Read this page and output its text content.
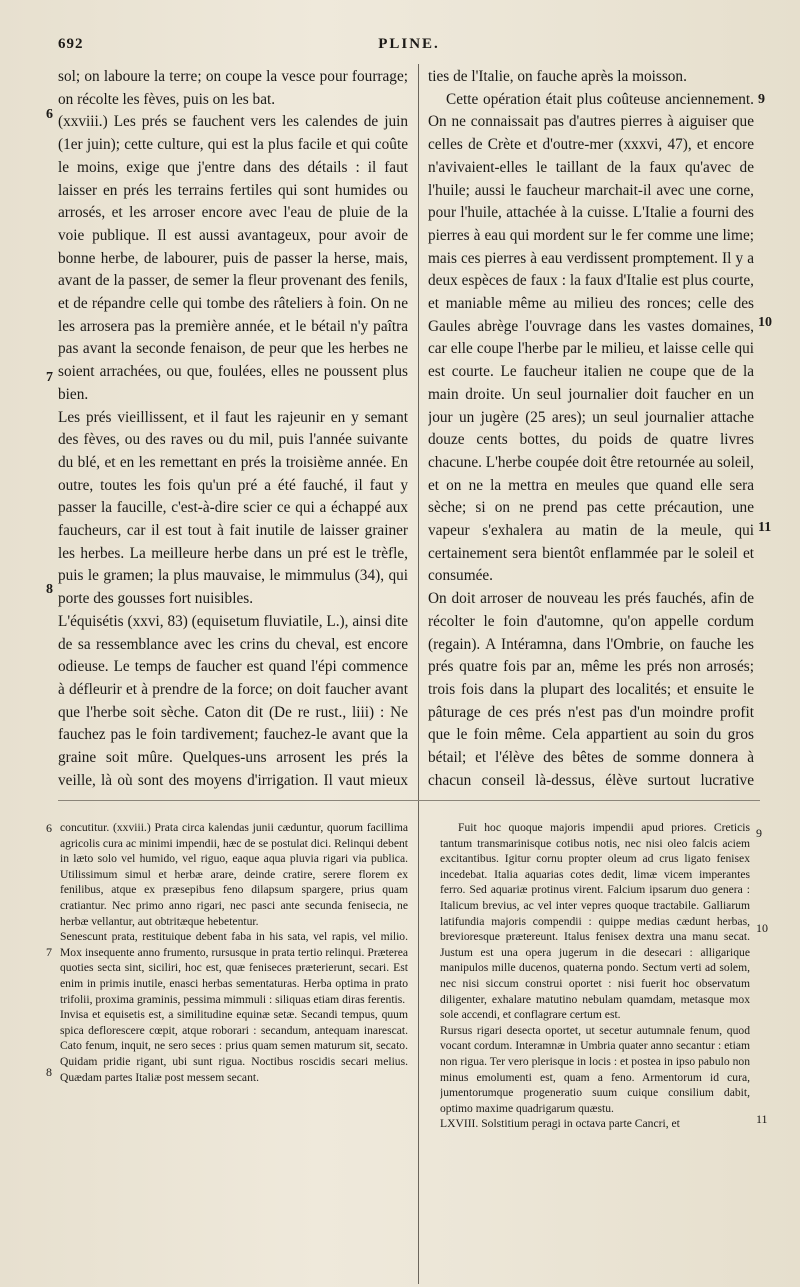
692	PLINE.

sol; on laboure la terre; on coupe la vesce pour fourrage; on récolte les fèves, puis on les bat.

(xxviii.) Les prés se fauchent vers les calendes de juin (1er juin); cette culture, qui est la plus facile et qui coûte le moins, exige que j'entre dans des détails : il faut laisser en prés les terrains fertiles qui sont humides ou arrosés, et les arroser encore avec l'eau de pluie de la voie publique. Il est aussi avantageux, pour avoir de bonne herbe, de labourer, puis de passer la herse, mais, avant de la passer, de semer la fleur provenant des fenils, et de répandre celle qui tombe des râteliers à foin. On ne les arrosera pas la première année, et le bétail n'y paîtra pas avant la seconde fenaison, de peur que les herbes ne soient arrachées, ou que, foulées, elles ne poussent plus bien.

Les prés vieillissent, et il faut les rajeunir en y semant des fèves, ou des raves ou du mil, puis l'année suivante du blé, et en les remettant en prés la troisième année. En outre, toutes les fois qu'un pré a été fauché, il faut y passer la faucille, c'est-à-dire scier ce qui a échappé aux faucheurs, car il est tout à fait inutile de laisser grainer les herbes. La meilleure herbe dans un pré est le trèfle, puis le gramen; la plus mauvaise, le mimmulus (34), qui porte des gousses fort nuisibles.

L'équisétis (xxvi, 83) (equisetum fluviatile, L.), ainsi dite de sa ressemblance avec les crins du cheval, est encore odieuse. Le temps de faucher est quand l'épi commence à défleurir et à prendre de la force; on doit faucher avant que l'herbe soit sèche. Caton dit (De re rust., liii) : Ne fauchez pas le foin tardivement; fauchez-le avant que la graine soit mûre. Quelques-uns arrosent les prés la veille, là où sont des moyens d'irrigation. Il vaut mieux

ties de l'Italie, on fauche après la moisson.

Cette opération était plus coûteuse anciennement. On ne connaissait pas d'autres pierres à aiguiser que celles de Crète et d'outre-mer (xxxvi, 47), et encore n'avivaient-elles le taillant de la faux qu'avec de l'huile; aussi le faucheur marchait-il avec une corne, pour l'huile, attachée à la cuisse. L'Italie a fourni des pierres à eau qui mordent sur le fer comme une lime; mais ces pierres à eau verdissent promptement. Il y a deux espèces de faux : la faux d'Italie est plus courte, et maniable même au milieu des ronces; celle des Gaules abrège l'ouvrage dans les vastes domaines, car elle coupe l'herbe par le milieu, et laisse celle qui est courte. Le faucheur italien ne coupe que de la main droite. Un seul journalier doit faucher en un jour un jugère (25 ares); un seul journalier attache douze cents bottes, du poids de quatre livres chacune. L'herbe coupée doit être retournée au soleil, et on ne la mettra en meules que quand elle sera sèche; si on ne prend pas cette précaution, une vapeur s'exhalera au matin de la meule, qui certainement sera bientôt enflammée par le soleil et consumée.

On doit arroser de nouveau les prés fauchés, afin de récolter le foin d'automne, qu'on appelle cordum (regain). A Intéramna, dans l'Ombrie, on fauche les prés quatre fois par an, même les prés non arrosés; trois fois dans la plupart des localités; et ensuite le pâturage de ces prés n'est pas d'un moindre profit que le foin même. Cela appartient au soin du gros bétail; et l'élève des bêtes de somme donnera à chacun conseil là-dessus, élève surtout lucrative

6
7
8
9
10
11

concutitur. (xxviii.) Prata circa kalendas junii cæduntur, quorum facillima agricolis cura ac minimi impendii, hæc de se postulat dici. Relinqui debent in læto solo vel humido, vel riguo, eaque aqua pluvia rigari via publica. Utilissimum simul et herbæ arare, deinde cratire, serere florem ex fenilibus, atque ex præsepibus feno dilapsum spargere, prius quam cratiantur. Nec primo anno rigari, nec pasci ante secunda fenisecia, ne herbæ vellantur, aut obtritæque hebetentur.

Senescunt prata, restituique debent faba in his sata, vel rapis, vel milio. Mox insequente anno frumento, rursusque in prata tertio relinqui. Præterea quoties secta sint, siciliri, hoc est, quæ feniseces præterierunt, secari. Est enim in primis inutile, enasci herbas sementaturas. Herba optima in prato trifolii, proxima graminis, pessima mimmuli : siliquas etiam diras ferentis.

Invisa et equisetis est, a similitudine equinæ setæ. Secandi tempus, quum spica deflorescere cœpit, atque roborari : secandum, antequam inarescat. Cato fenum, inquit, ne sero seces : prius quam semen maturum sit, secato. Quidam pridie rigant, ubi sunt rigua. Noctibus roscidis secari melius. Quædam partes Italiæ post messem secant.

Fuit hoc quoque majoris impendii apud priores. Creticis tantum transmarinisque cotibus notis, nec nisi oleo falcis aciem excitantibus. Igitur cornu propter oleum ad crus ligato fenisex incedebat. Italia aquarias cotes dedit, limæ vicem imperantes ferro. Sed aquariæ protinus virent. Falcium ipsarum duo genera : Italicum brevius, ac vel inter vepres quoque tractabile. Galliarum latifundia majoris compendii : quippe medias cædunt herbas, brevioresque prætereunt. Italus fenisex dextra una manu secat. Justum est una opera jugerum in die desecari : alligarique manipulos mille ducenos, quaterna pondo. Sectum verti ad solem, nec nisi siccum construi oportet : nisi fuerit hoc observatum diligenter, exhalare matutino nebulam quamdam, metasque mox sole accendi, et conflagrare certum est.

Rursus rigari desecta oportet, ut secetur autumnale fenum, quod vocant cordum. Interamnæ in Umbria quater anno secantur : etiam non rigua. Ter vero plerisque in locis : et postea in ipso pabulo non minus emolumenti est, quam a feno. Armentorum id cura, jumentorumque progeneratio suum cuique consilium dabit, optimo maxime quadrigarum quæstu.

LXVIII. Solstitium peragi in octava parte Cancri, et

6
7
8
9
10
11
